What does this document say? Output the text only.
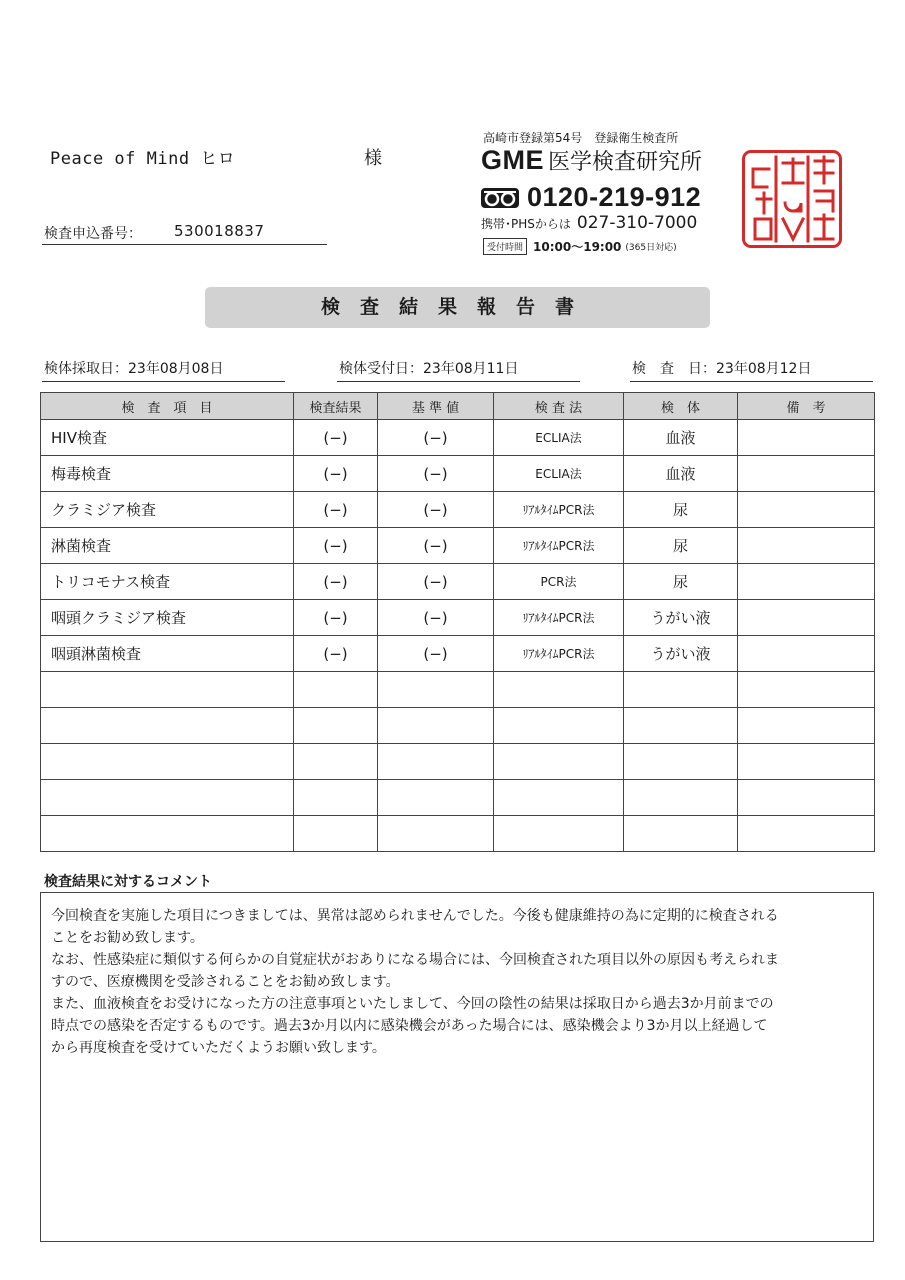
Peace of Mind ヒロ	様
検査申込番号： 530018837
高崎市登録第54号　登録衛生検査所
GME 医学検査研究所
0120-219-912
携帯･PHSからは 027-310-7000
受付時間 10:00〜19:00 (365日対応)
検査結果報告書
検体採取日：23年08月08日	検体受付日：23年08月11日	検　査　日：23年08月12日
検　査　項　目	検査結果	基 準 値	検 査 法	検　体	備　考
HIV検査	(−)	(−)	ECLIA法	血液	
梅毒検査	(−)	(−)	ECLIA法	血液	
クラミジア検査	(−)	(−)	ﾘｱﾙﾀｲﾑPCR法	尿	
淋菌検査	(−)	(−)	ﾘｱﾙﾀｲﾑPCR法	尿	
トリコモナス検査	(−)	(−)	PCR法	尿	
咽頭クラミジア検査	(−)	(−)	ﾘｱﾙﾀｲﾑPCR法	うがい液	
咽頭淋菌検査	(−)	(−)	ﾘｱﾙﾀｲﾑPCR法	うがい液	

検査結果に対するコメント
今回検査を実施した項目につきましては、異常は認められませんでした。今後も健康維持の為に定期的に検査される
ことをお勧め致します。
なお、性感染症に類似する何らかの自覚症状がおありになる場合には、今回検査された項目以外の原因も考えられま
すので、医療機関を受診されることをお勧め致します。
また、血液検査をお受けになった方の注意事項といたしまして、今回の陰性の結果は採取日から過去3か月前までの
時点での感染を否定するものです。過去3か月以内に感染機会があった場合には、感染機会より3か月以上経過して
から再度検査を受けていただくようお願い致します。
